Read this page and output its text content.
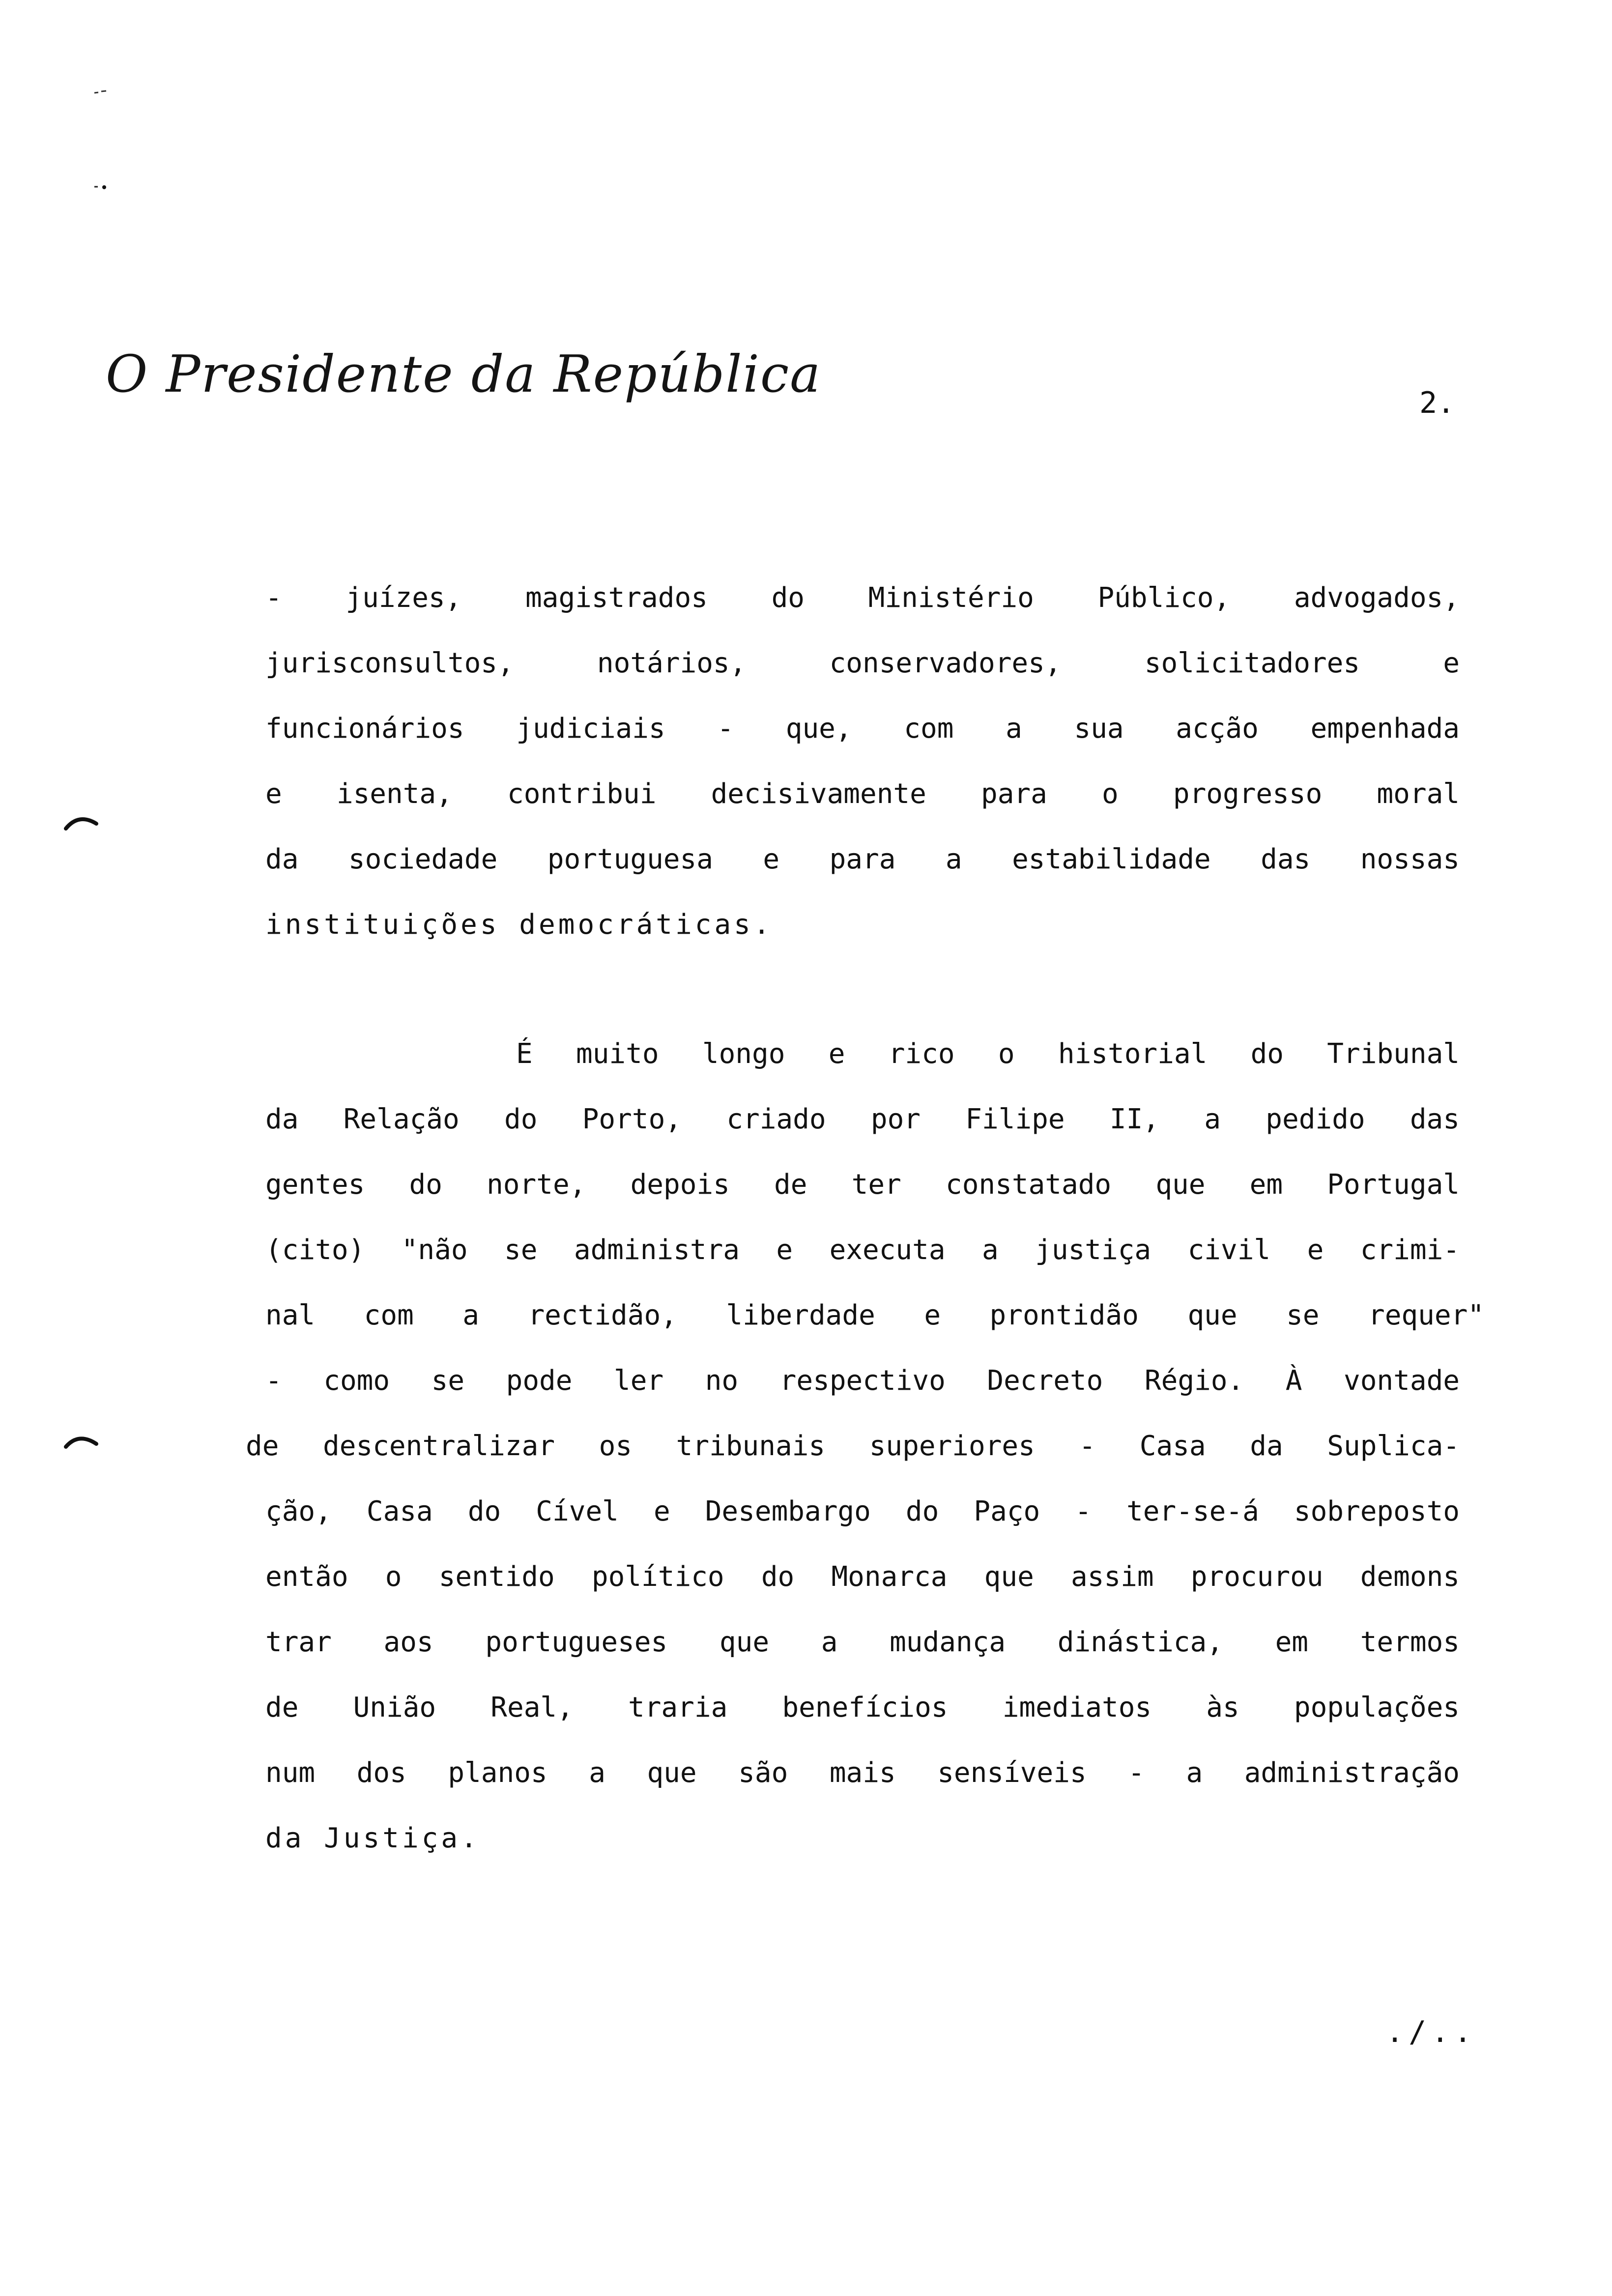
O Presidente da República	2.
- juízes, magistrados do Ministério Público, advogados,
jurisconsultos, notários, conservadores, solicitadores e
funcionários judiciais - que, com a sua acção empenhada
e isenta, contribui decisivamente para o progresso moral
da sociedade portuguesa e para a estabilidade das nossas
instituições democráticas.
É muito longo e rico o historial do Tribunal
da Relação do Porto, criado por Filipe II, a pedido das
gentes do norte, depois de ter constatado que em Portugal
(cito) "não se administra e executa a justiça civil e crimi-
nal com a rectidão, liberdade e prontidão que se requer"
- como se pode ler no respectivo Decreto Régio. À vontade
de descentralizar os tribunais superiores - Casa da Suplica-
ção, Casa do Cível e Desembargo do Paço - ter-se-á sobreposto
então o sentido político do Monarca que assim procurou demons
trar aos portugueses que a mudança dinástica, em termos
de União Real, traria benefícios imediatos às populações
num dos planos a que são mais sensíveis - a administração
da Justiça.
./..
